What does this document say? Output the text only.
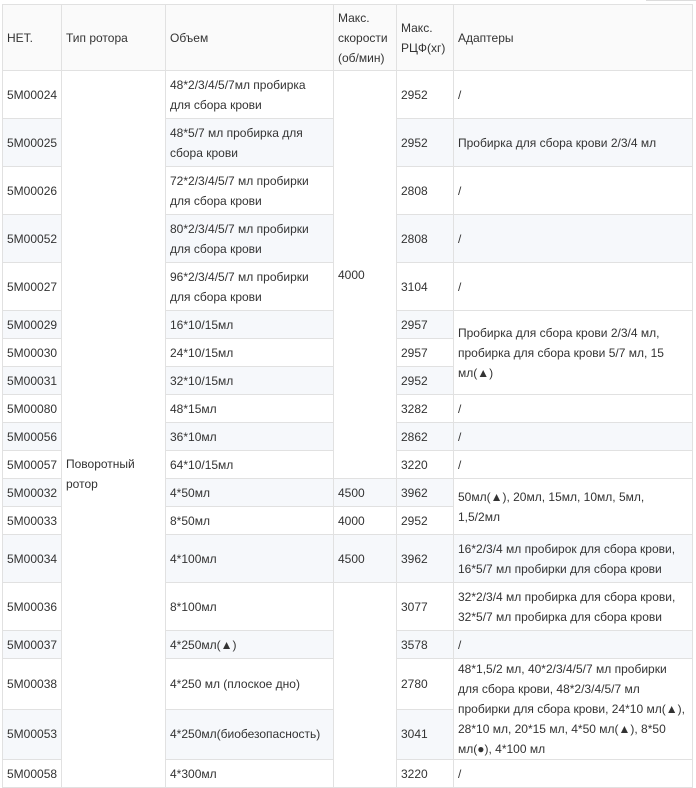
НЕТ.	Тип ротора	Объем	Макс. скорости (об/мин)	Макс. РЦФ(хг)	Адаптеры
5M00024	Поворотный ротор	48*2/3/4/5/7мл пробирка для сбора крови	4000	2952	/
5M00025		48*5/7 мл пробирка для сбора крови		2952	Пробирка для сбора крови 2/3/4 мл
5M00026		72*2/3/4/5/7 мл пробирки для сбора крови		2808	/
5M00052		80*2/3/4/5/7 мл пробирки для сбора крови		2808	/
5M00027		96*2/3/4/5/7 мл пробирки для сбора крови		3104	/
5M00029		16*10/15мл		2957	Пробирка для сбора крови 2/3/4 мл, пробирка для сбора крови 5/7 мл, 15 мл(▲)
5M00030		24*10/15мл		2957	
5M00031		32*10/15мл		2952	
5M00080		48*15мл		3282	/
5M00056		36*10мл		2862	/
5M00057		64*10/15мл		3220	/
5M00032		4*50мл	4500	3962	50мл(▲), 20мл, 15мл, 10мл, 5мл, 1,5/2мл
5M00033		8*50мл	4000	2952	
5M00034		4*100мл	4500	3962	16*2/3/4 мл пробирок для сбора крови, 16*5/7 мл пробирки для сбора крови
5M00036		8*100мл		3077	32*2/3/4 мл пробирка для сбора крови, 32*5/7 мл пробирка для сбора крови
5M00037		4*250мл(▲)		3578	/
5M00038		4*250 мл (плоское дно)		2780	48*1,5/2 мл, 40*2/3/4/5/7 мл пробирки для сбора крови, 48*2/3/4/5/7 мл пробирки для сбора крови, 24*10 мл(▲), 28*10 мл, 20*15 мл, 4*50 мл(▲), 8*50 мл(●), 4*100 мл
5M00053		4*250мл(биобезопасность)		3041	
5M00058		4*300мл		3220	/
